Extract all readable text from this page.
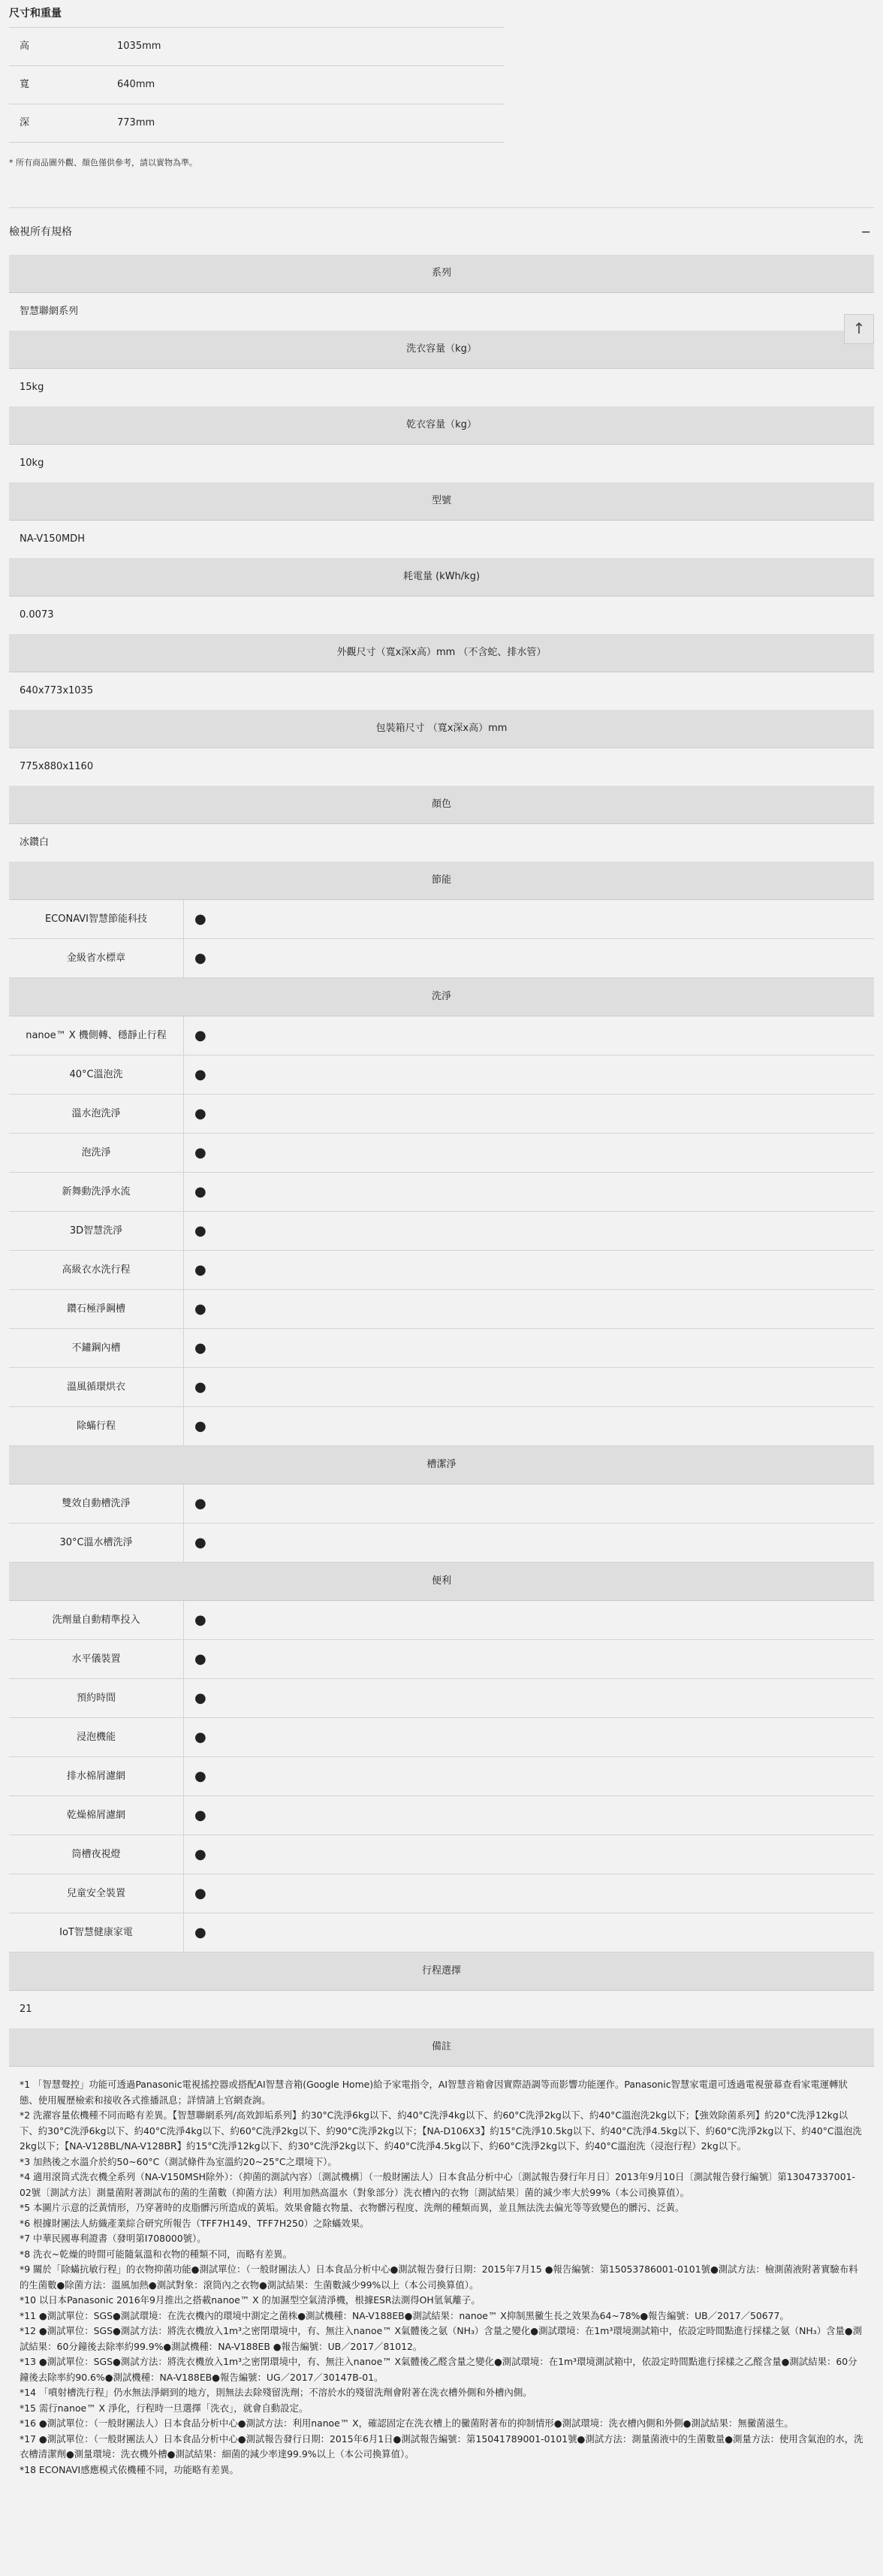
尺寸和重量
高	1035mm
寬	640mm
深	773mm
* 所有商品圖外觀、顏色僅供參考，請以實物為準。
檢視所有規格	−
系列
智慧聯網系列
洗衣容量（kg）
15kg
乾衣容量（kg）
10kg
型號
NA-V150MDH
耗電量 (kWh/kg)
0.0073
外觀尺寸（寬x深x高）mm （不含蛇、排水管）
640x773x1035
包裝箱尺寸 （寬x深x高）mm
775x880x1160
顏色
冰鑽白
節能
ECONAVI智慧節能科技	●
金級省水標章	●
洗淨
nanoe™ X 機側轉、穩靜止行程	●
40°C溫泡洗	●
溫水泡洗淨	●
泡洗淨	●
新舞動洗淨水流	●
3D智慧洗淨	●
高級衣水洗行程	●
鑽石極淨鋼槽	●
不鏽鋼內槽	●
溫風循環烘衣	●
除蟎行程	●
槽潔淨
雙效自動槽洗淨	●
30°C溫水槽洗淨	●
便利
洗劑量自動精準投入	●
水平儀裝置	●
預約時間	●
浸泡機能	●
排水棉屑濾網	●
乾燥棉屑濾網	●
筒槽夜視燈	●
兒童安全裝置	●
IoT智慧健康家電	●
行程選擇
21
備註

*1 「智慧聲控」功能可透過Panasonic電視搖控器或搭配AI智慧音箱(Google Home)給予家電指令，AI智慧音箱會因實際語調等而影響功能運作。Panasonic智慧家電還可透過電視螢幕查看家電運轉狀態、使用履歷檢索和接收各式推播訊息；詳情請上官網查詢。

*2 洗濯容量依機種不同而略有差異。【智慧聯網系列/高效卸垢系列】約30°C洗淨6kg以下、約40°C洗淨4kg以下、約60°C洗淨2kg以下、約40°C溫泡洗2kg以下；【強效除菌系列】約20°C洗淨12kg以下、約30°C洗淨6kg以下、約40°C洗淨4kg以下、約60°C洗淨2kg以下、約90°C洗淨2kg以下；【NA-D106X3】約15°C洗淨10.5kg以下、約40°C洗淨4.5kg以下、約60°C洗淨2kg以下、約40°C溫泡洗2kg以下；【NA-V128BL/NA-V128BR】約15°C洗淨12kg以下、約30°C洗淨2kg以下、約40°C洗淨4.5kg以下、約60°C洗淨2kg以下、約40°C溫泡洗（浸泡行程）2kg以下。

*3 加熱後之水溫介於約50~60°C（測試條件為室溫約20~25°C之環境下）。

*4 適用滾筒式洗衣機全系列（NA-V150MSH除外）：（抑菌的測試內容）〔測試機構〕（一般財團法人）日本食品分析中心〔測試報告發行年月日〕2013年9月10日〔測試報告發行編號〕第13047337001-02號〔測試方法〕測量菌附著測試布的菌的生菌數（抑菌方法）利用加熱高溫水（對象部分）洗衣槽內的衣物〔測試結果〕菌的減少率大於99%（本公司換算值）。

*5 本圖片示意的泛黃情形，乃穿著時的皮脂髒污所造成的黃垢。效果會隨衣物量、衣物髒污程度、洗劑的種類而異，並且無法洗去偏光等等致變色的髒污、泛黃。

*6 根據財團法人紡織產業綜合研究所報告（TFF7H149、TFF7H250）之除蟎效果。

*7 中華民國專利證書（發明第I708000號）。

*8 洗衣~乾燥的時間可能隨氣溫和衣物的種類不同，而略有差異。

*9 關於「除蟎抗敏行程」的衣物抑菌功能●測試單位：（一般財團法人）日本食品分析中心●測試報告發行日期：2015年7月15 ●報告編號：第15053786001-0101號●測試方法：檢測菌液附著實驗布料的生菌數●除菌方法：溫風加熱●測試對象：滾筒內之衣物●測試結果：生菌數減少99%以上（本公司換算值）。

*10 以日本Panasonic 2016年9月推出之搭載nanoe™ X 的加濕型空氣清淨機，根據ESR法測得OH氫氧離子。

*11 ●測試單位：SGS●測試環境：在洗衣機內的環境中測定之菌株●測試機種：NA-V188EB●測試結果：nanoe™ X抑制黑黴生長之效果為64~78%●報告編號：UB／2017／50677。

*12 ●測試單位：SGS●測試方法：將洗衣機放入1m³之密閉環境中，有、無注入nanoe™ X氣體後之氨（NH₃）含量之變化●測試環境：在1m³環境測試箱中，依設定時間點進行採樣之氨（NH₃）含量●測試結果：60分鐘後去除率約99.9%●測試機種：NA-V188EB ●報告編號：UB／2017／81012。

*13 ●測試單位：SGS●測試方法：將洗衣機放入1m³之密閉環境中，有、無注入nanoe™ X氣體後乙醛含量之變化●測試環境：在1m³環境測試箱中，依設定時間點進行採樣之乙醛含量●測試結果：60分鐘後去除率約90.6%●測試機種：NA-V188EB●報告編號：UG／2017／30147B-01。

*14 「噴射槽洗行程」仍水無法淨網到的地方，則無法去除殘留洗劑；不溶於水的殘留洗劑會附著在洗衣槽外側和外槽內側。

*15 需行nanoe™ X 淨化，行程時一旦選擇「洗衣」，就會自動設定。

*16 ●測試單位：（一般財團法人）日本食品分析中心●測試方法：利用nanoe™ X，確認固定在洗衣槽上的黴菌附著布的抑制情形●測試環境：洗衣槽內側和外側●測試結果：無黴菌滋生。

*17 ●測試單位：（一般財團法人）日本食品分析中心●測試報告發行日期：2015年6月1日●測試報告編號：第15041789001-0101號●測試方法：測量菌液中的生菌數量●測量方法：使用含氣泡的水，洗衣槽清潔劑●測量環境：洗衣機外槽●測試結果：細菌的減少率達99.9%以上（本公司換算值）。

*18 ECONAVI感應模式依機種不同，功能略有差異。

↑
